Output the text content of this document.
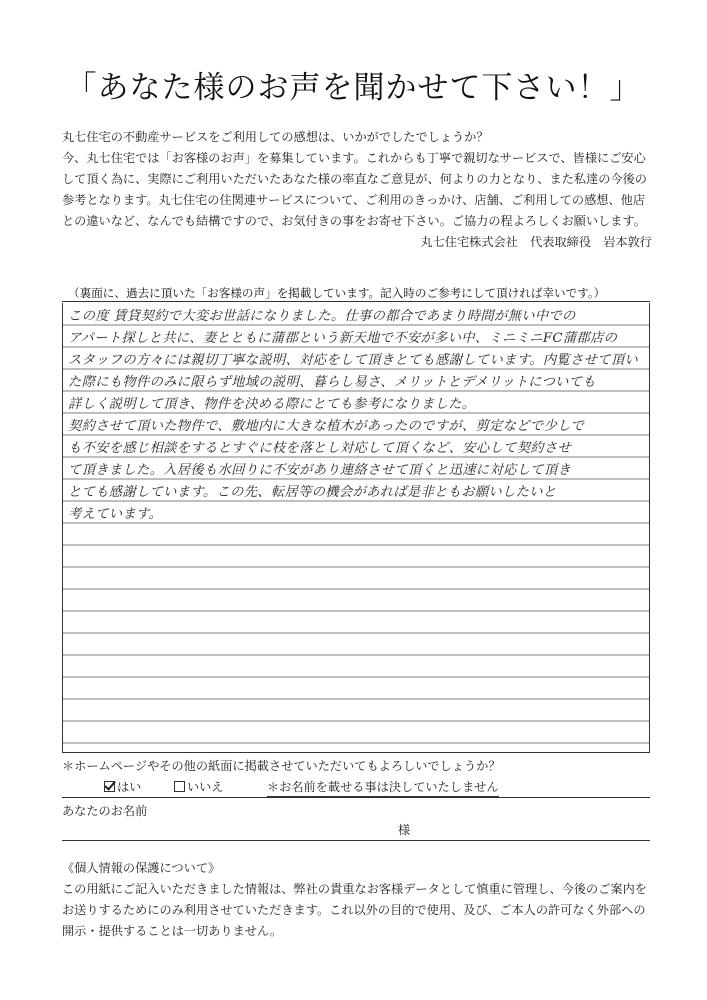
「あなた様のお声を聞かせて下さい！」

丸七住宅の不動産サービスをご利用しての感想は、いかがでしたでしょうか？

今、丸七住宅では「お客様のお声」を募集しています。これからも丁寧で親切なサービスで、皆様にご安心

して頂く為に、実際にご利用いただいたあなた様の率直なご意見が、何よりの力となり、また私達の今後の

参考となります。丸七住宅の住関連サービスについて、ご利用のきっかけ、店舗、ご利用しての感想、他店

との違いなど、なんでも結構ですので、お気付きの事をお寄せ下さい。ご協力の程よろしくお願いします。

丸七住宅株式会社　代表取締役　岩本敦行

（裏面に、過去に頂いた「お客様の声」を掲載しています。記入時のご参考にして頂ければ幸いです。）
この度 賃貸契約で大変お世話になりました。仕事の都合であまり時間が無い中での
アパート探しと共に、妻とともに蒲郡という新天地で不安が多い中、ミニミニFC蒲郡店の
スタッフの方々には親切丁寧な説明、対応をして頂きとても感謝しています。内覧させて頂い
た際にも物件のみに限らず地域の説明、暮らし易さ、メリットとデメリットについても
詳しく説明して頂き、物件を決める際にとても参考になりました。
契約させて頂いた物件で、敷地内に大きな植木があったのですが、剪定などで少しで
も不安を感じ相談をするとすぐに枝を落とし対応して頂くなど、安心して契約させ
て頂きました。入居後も水回りに不安があり連絡させて頂くと迅速に対応して頂き
とても感謝しています。この先、転居等の機会があれば是非ともお願いしたいと
考えています。
＊ホームページやその他の紙面に掲載させていただいてもよろしいでしょうか？
はい	いいえ	＊お名前を載せる事は決していたしません
あなたのお名前
様

《個人情報の保護について》

この用紙にご記入いただきました情報は、弊社の貴重なお客様データとして慎重に管理し、今後のご案内を

お送りするためにのみ利用させていただきます。これ以外の目的で使用、及び、ご本人の許可なく外部への

開示・提供することは一切ありません。
